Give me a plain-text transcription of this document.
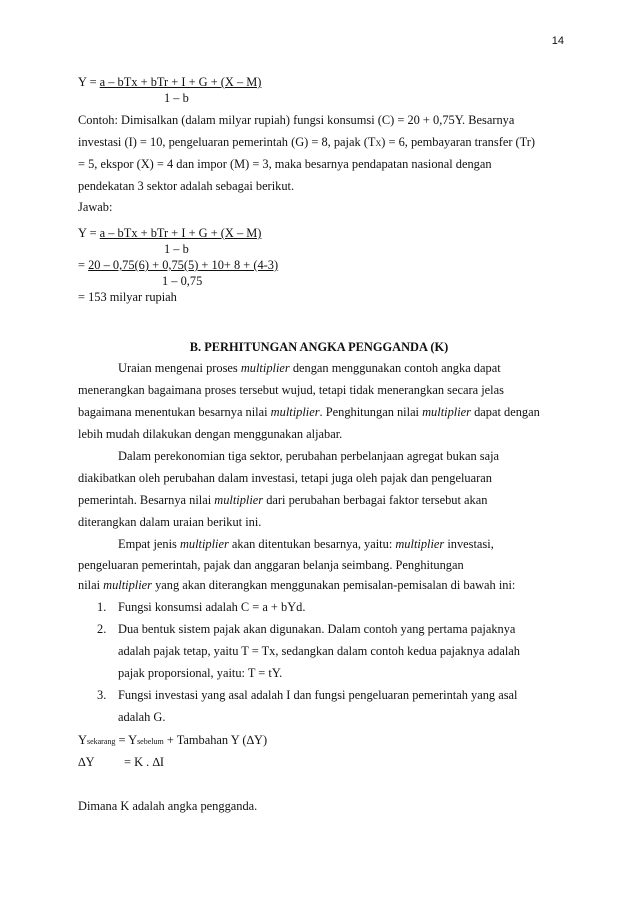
14
Y = a – bTx + bTr + I + G + (X – M)
1 – b
Contoh: Dimisalkan (dalam milyar rupiah) fungsi konsumsi (C) = 20 + 0,75Y. Besarnya
investasi (I) = 10, pengeluaran pemerintah (G) = 8, pajak (TX) = 6, pembayaran transfer (Tr)
= 5, ekspor (X) = 4 dan impor (M) = 3, maka besarnya pendapatan nasional dengan
pendekatan 3 sektor adalah sebagai berikut.
Jawab:
Y = a – bTx + bTr + I + G + (X – M)
1 – b
= 20 – 0,75(6) + 0,75(5) + 10+ 8 + (4-3)
1 – 0,75
= 153 milyar rupiah
B. PERHITUNGAN ANGKA PENGGANDA (K)
Uraian mengenai proses multiplier dengan menggunakan contoh angka dapat
menerangkan bagaimana proses tersebut wujud, tetapi tidak menerangkan secara jelas
bagaimana menentukan besarnya nilai multiplier. Penghitungan nilai multiplier dapat dengan
lebih mudah dilakukan dengan menggunakan aljabar.
Dalam perekonomian tiga sektor, perubahan perbelanjaan agregat bukan saja
diakibatkan oleh perubahan dalam investasi, tetapi juga oleh pajak dan pengeluaran
pemerintah. Besarnya nilai multiplier dari perubahan berbagai faktor tersebut akan
diterangkan dalam uraian berikut ini.
Empat jenis multiplier akan ditentukan besarnya, yaitu: multiplier investasi,
pengeluaran pemerintah, pajak dan anggaran belanja seimbang. Penghitungan
nilai multiplier yang akan diterangkan menggunakan pemisalan-pemisalan di bawah ini:
1. Fungsi konsumsi adalah C = a + bYd.
2. Dua bentuk sistem pajak akan digunakan. Dalam contoh yang pertama pajaknya
adalah pajak tetap, yaitu T = Tx, sedangkan dalam contoh kedua pajaknya adalah
pajak proporsional, yaitu: T = tY.
3. Fungsi investasi yang asal adalah I dan fungsi pengeluaran pemerintah yang asal
adalah G.
Ysekarang = Ysebelum + Tambahan Y (∆Y)
∆Y = K . ∆I
Dimana K adalah angka pengganda.
